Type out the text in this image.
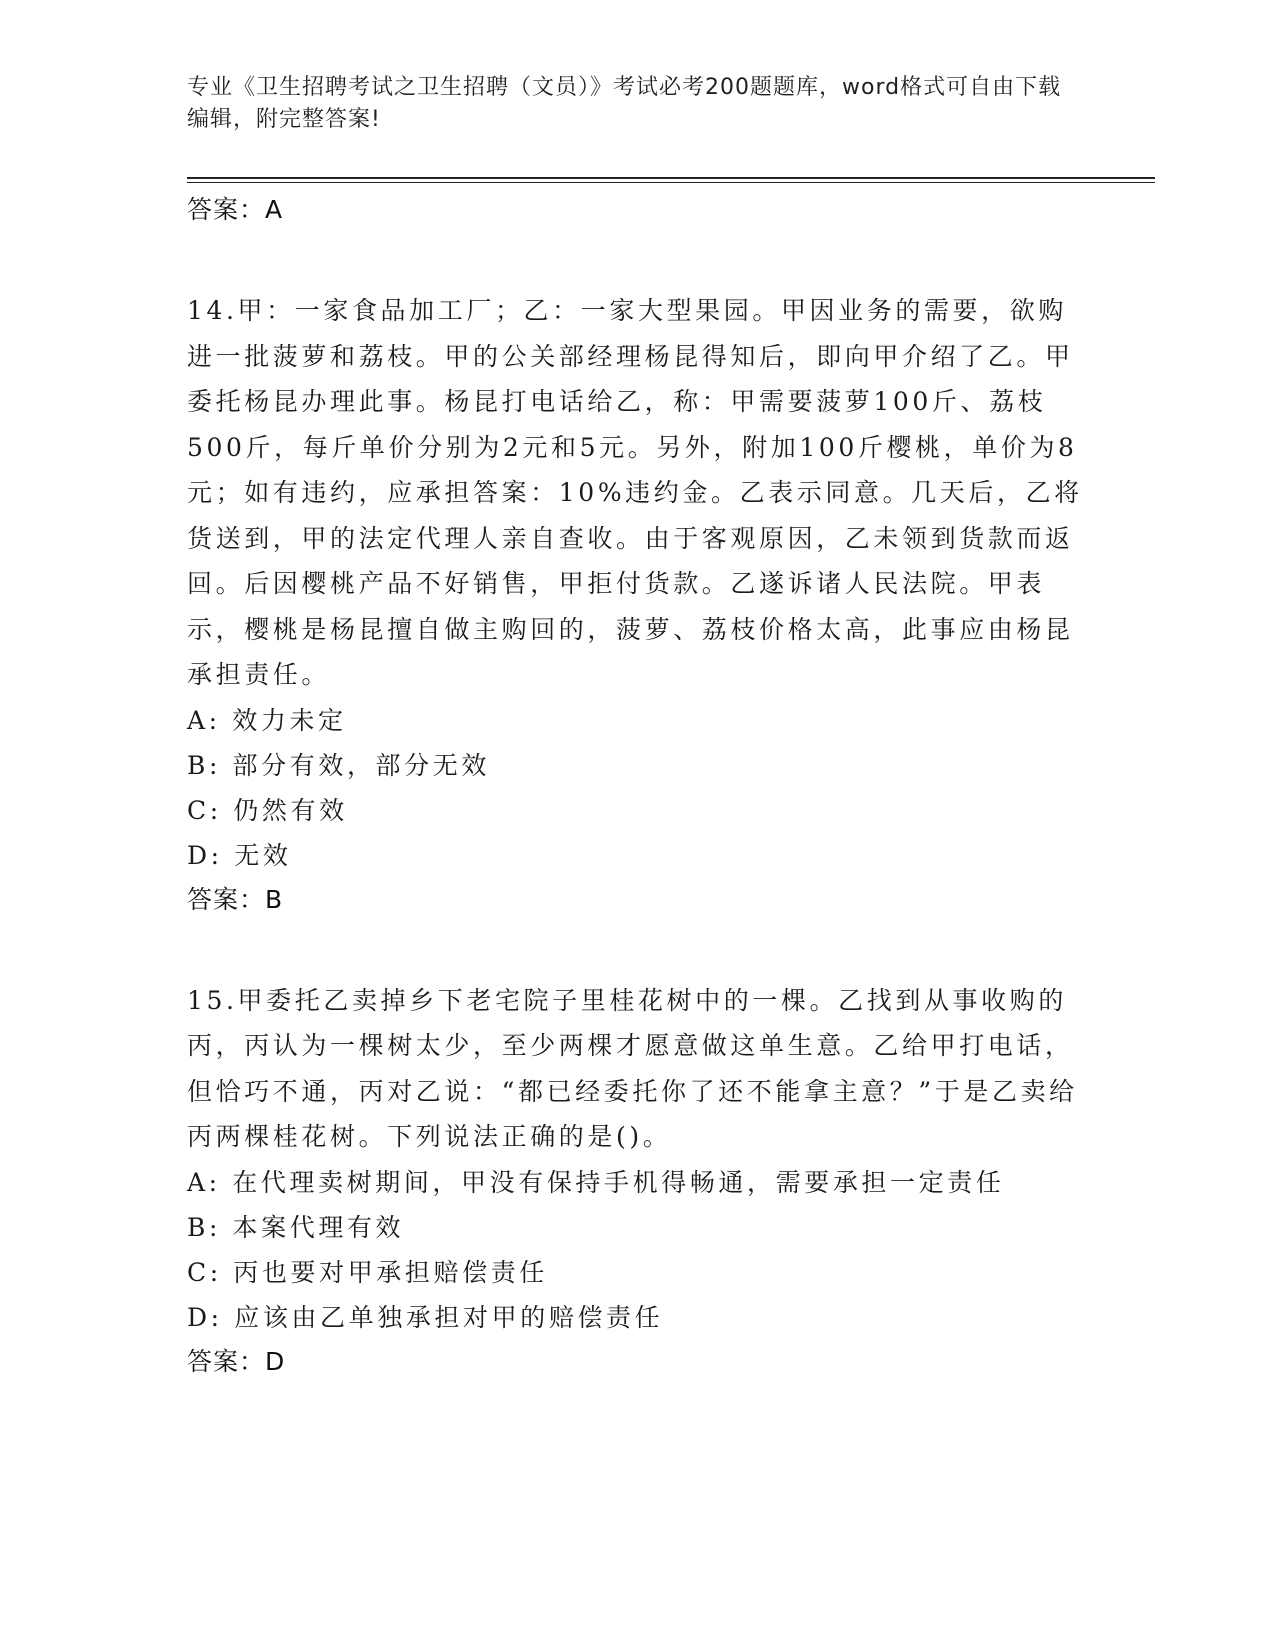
专业《卫生招聘考试之卫生招聘（文员）》考试必考200题题库，word格式可自由下载编辑，附完整答案!
答案：A
14.甲：一家食品加工厂；乙：一家大型果园。甲因业务的需要，欲购进一批菠萝和荔枝。甲的公关部经理杨昆得知后，即向甲介绍了乙。甲委托杨昆办理此事。杨昆打电话给乙，称：甲需要菠萝100斤、荔枝500斤，每斤单价分别为2元和5元。另外，附加100斤樱桃，单价为8元；如有违约，应承担答案：10%违约金。乙表示同意。几天后，乙将货送到，甲的法定代理人亲自查收。由于客观原因，乙未领到货款而返回。后因樱桃产品不好销售，甲拒付货款。乙遂诉诸人民法院。甲表示，樱桃是杨昆擅自做主购回的，菠萝、荔枝价格太高，此事应由杨昆承担责任。
A: 效力未定
B: 部分有效，部分无效
C: 仍然有效
D: 无效
答案：B
15.甲委托乙卖掉乡下老宅院子里桂花树中的一棵。乙找到从事收购的丙，丙认为一棵树太少，至少两棵才愿意做这单生意。乙给甲打电话，但恰巧不通，丙对乙说：“都已经委托你了还不能拿主意？”于是乙卖给丙两棵桂花树。下列说法正确的是()。
A: 在代理卖树期间，甲没有保持手机得畅通，需要承担一定责任
B: 本案代理有效
C: 丙也要对甲承担赔偿责任
D: 应该由乙单独承担对甲的赔偿责任
答案：D
